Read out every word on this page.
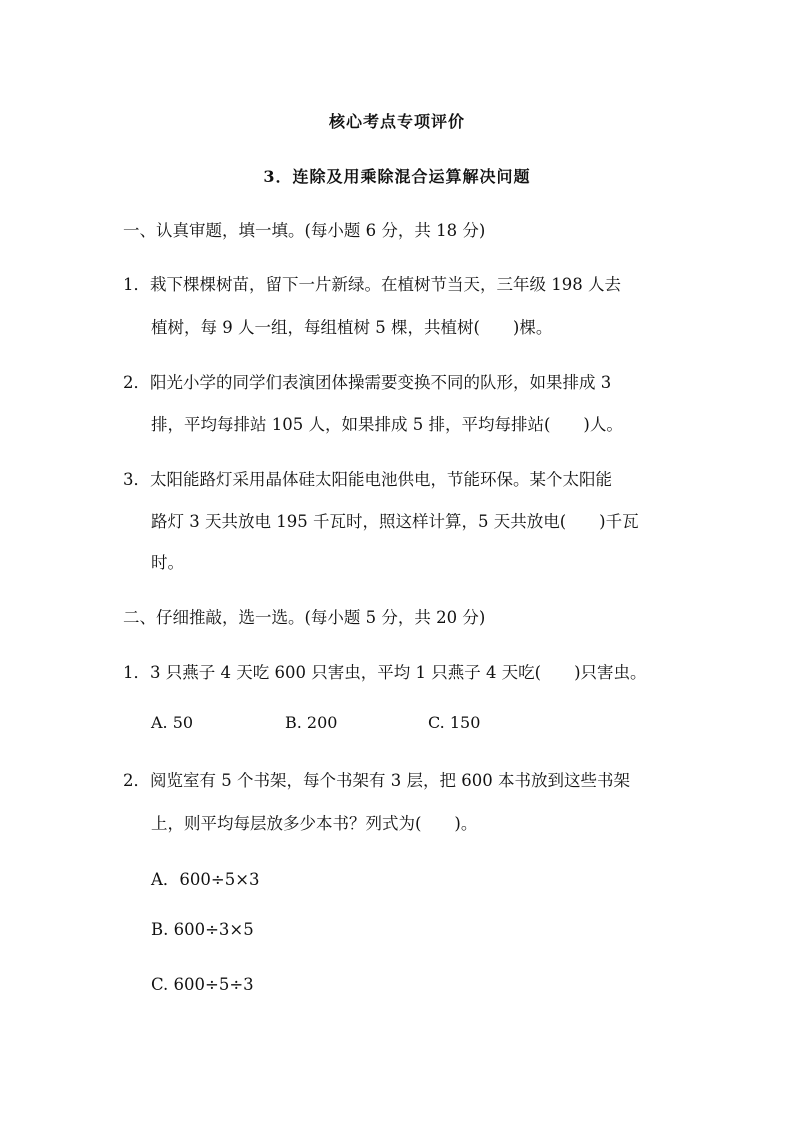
核心考点专项评价
3．连除及用乘除混合运算解决问题
一、认真审题，填一填。(每小题 6 分，共 18 分)
1．栽下棵棵树苗，留下一片新绿。在植树节当天，三年级 198 人去
植树，每 9 人一组，每组植树 5 棵，共植树(　　)棵。
2．阳光小学的同学们表演团体操需要变换不同的队形，如果排成 3
排，平均每排站 105 人，如果排成 5 排，平均每排站(　　)人。
3．太阳能路灯采用晶体硅太阳能电池供电，节能环保。某个太阳能
路灯 3 天共放电 195 千瓦时，照这样计算，5 天共放电(　　)千瓦
时。
二、仔细推敲，选一选。(每小题 5 分，共 20 分)
1．3 只燕子 4 天吃 600 只害虫，平均 1 只燕子 4 天吃(　　)只害虫。
A. 50	B. 200	C. 150
2．阅览室有 5 个书架，每个书架有 3 层，把 600 本书放到这些书架
上，则平均每层放多少本书？列式为(　　)。
A．600÷5×3
B. 600÷3×5
C. 600÷5÷3
